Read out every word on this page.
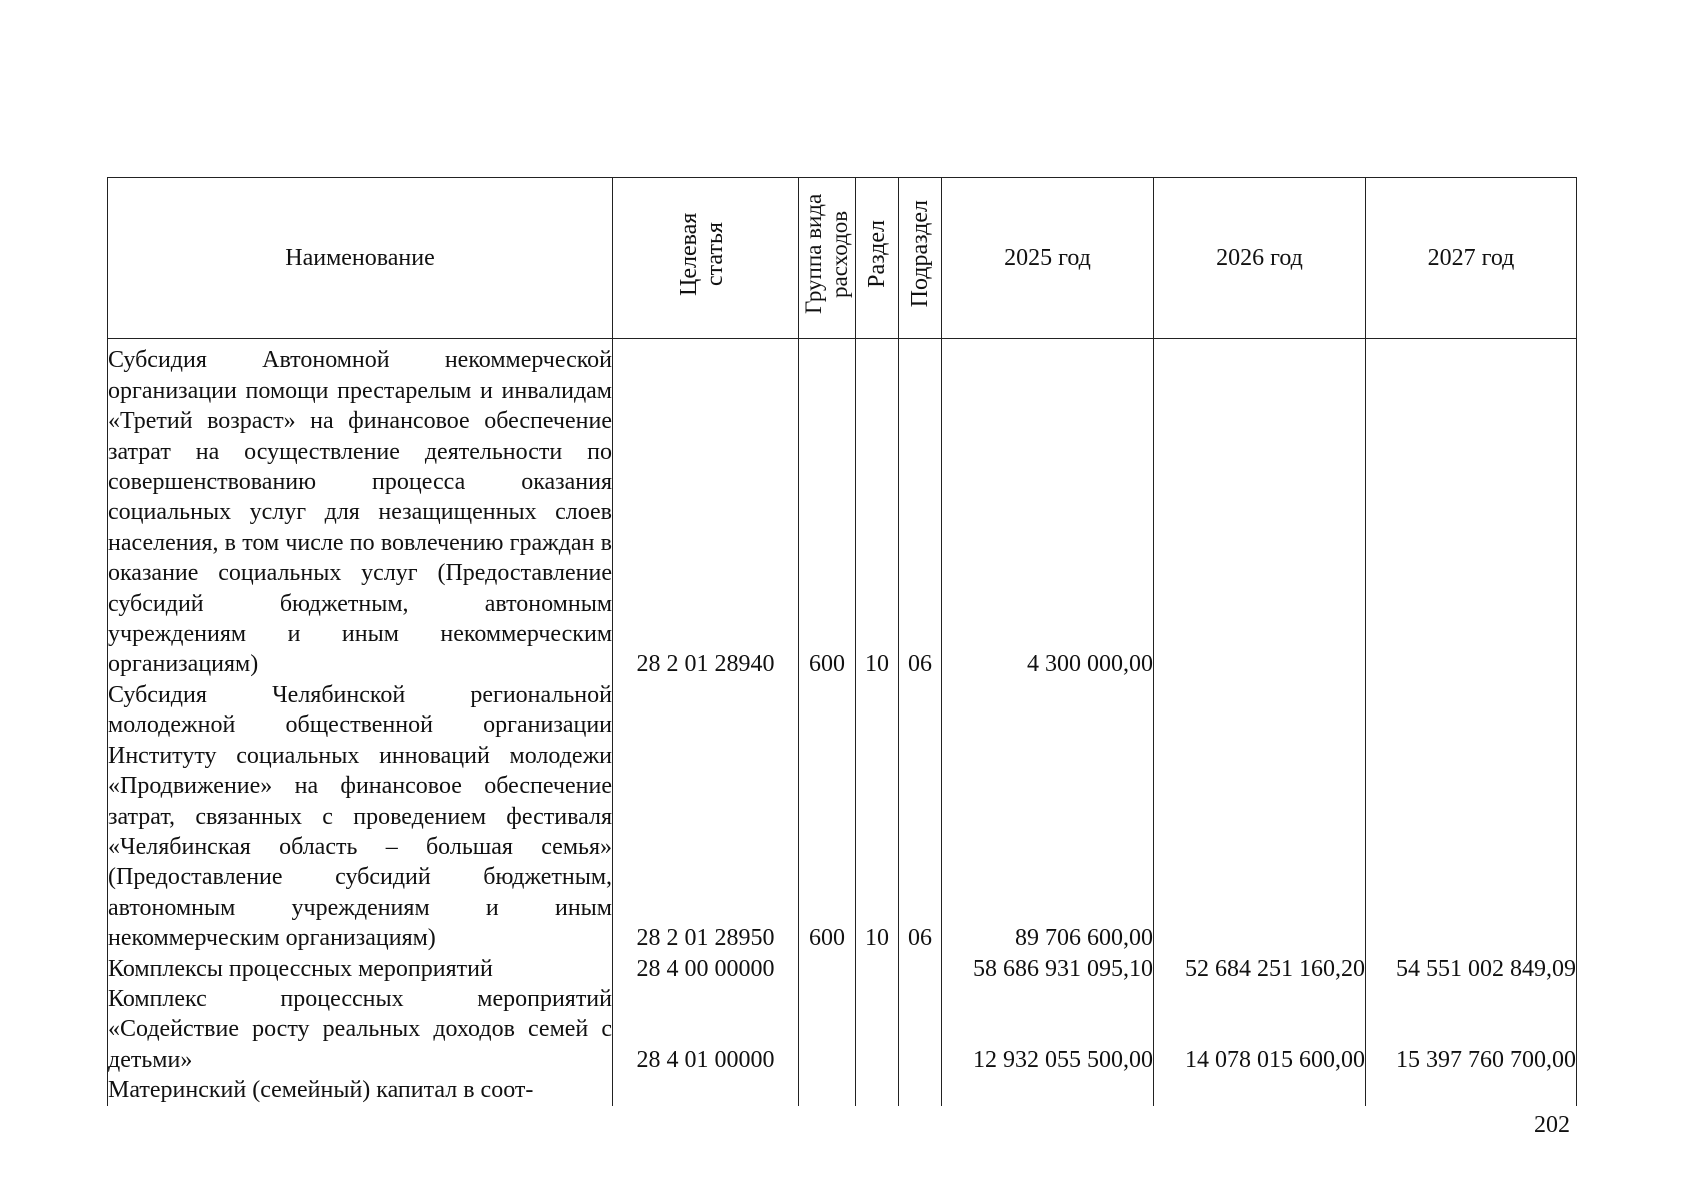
Наименование	Целевая статья	Группа вида расходов	Раздел	Подраздел	2025 год	2026 год	2027 год
Субсидия Автономной некоммерческой организации помощи престарелым и инвалидам «Третий возраст» на финансовое обеспечение затрат на осуществление деятельности по совершенствованию процесса оказания социальных услуг для незащищенных слоев населения, в том числе по вовлечению граждан в оказание социальных услуг (Предоставление субсидий бюджетным, автономным учреждениям и иным некоммерческим организациям)	28 2 01 28940	600	10	06	4 300 000,00		
Субсидия Челябинской региональной молодежной общественной организации Институту социальных инноваций молодежи «Продвижение» на финансовое обеспечение затрат, связанных с проведением фестиваля «Челябинская область – большая семья» (Предоставление субсидий бюджетным, автономным учреждениям и иным некоммерческим организациям)	28 2 01 28950	600	10	06	89 706 600,00		
Комплексы процессных мероприятий	28 4 00 00000				58 686 931 095,10	52 684 251 160,20	54 551 002 849,09
Комплекс процессных мероприятий «Содействие росту реальных доходов семей с детьми»	28 4 01 00000				12 932 055 500,00	14 078 015 600,00	15 397 760 700,00
Материнский (семейный) капитал в соот-							
202
